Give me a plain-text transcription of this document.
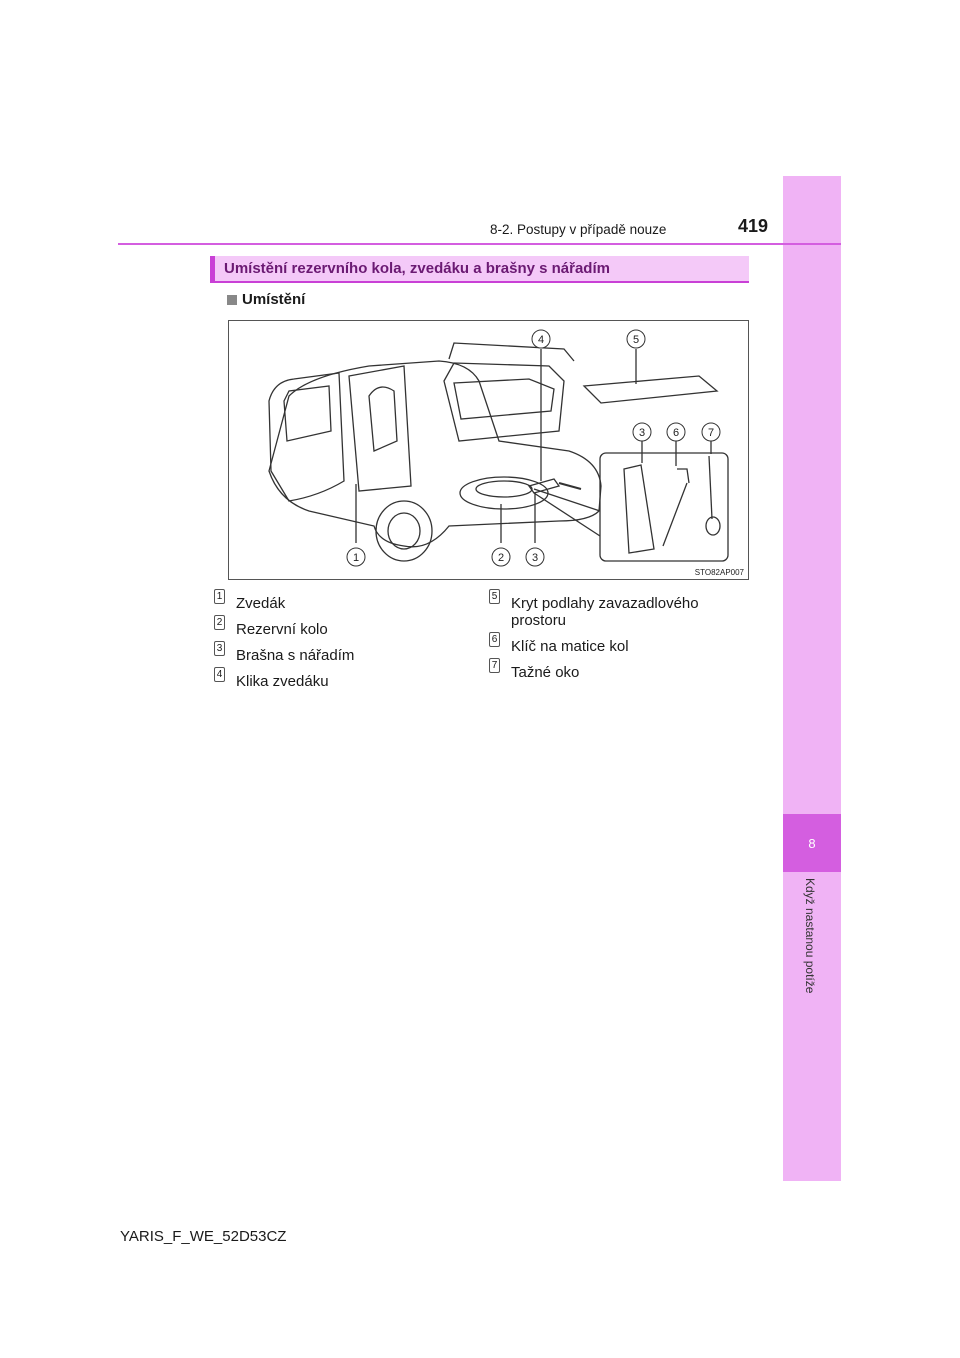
8
Když nastanou potíže
8-2. Postupy v případě nouze	419
Umístění rezervního kola, zvedáku a brašny s nářadím
Umístění
1	2	3
4	5
3	6	7
STO82AP007
1 Zvedák
2 Rezervní kolo
3 Brašna s nářadím
4 Klika zvedáku
5 Kryt podlahy zavazadlového
prostoru
6 Klíč na matice kol
7 Tažné oko
YARIS_F_WE_52D53CZ
